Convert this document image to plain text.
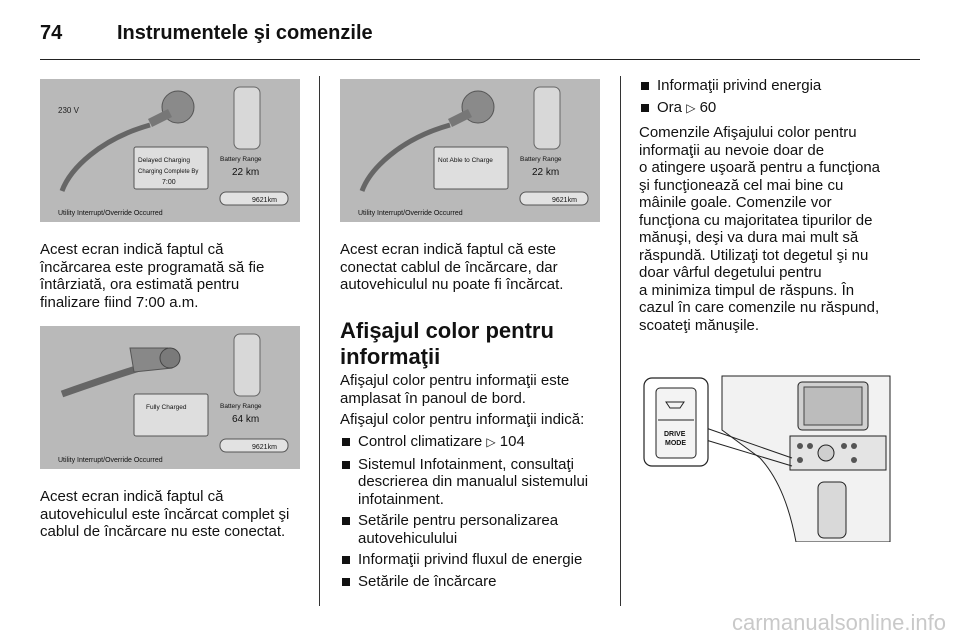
74	Instrumentele şi comenzile
230 V
Delayed Charging
Charging Complete By
7:00
Battery Range
22 km
9621km
Utility Interrupt/Override Occurred
Acest ecran indică faptul că
încărcarea este programată să fie
întârziată, ora estimată pentru
finalizare fiind 7:00 a.m.
Fully Charged	Battery Range
64 km
9621km
Utility Interrupt/Override Occurred
Acest ecran indică faptul că
autovehiculul este încărcat complet şi
cablul de încărcare nu este conectat.
Not Able to Charge	Battery Range
22 km
9621km
Utility Interrupt/Override Occurred
Acest ecran indică faptul că este
conectat cablul de încărcare, dar
autovehiculul nu poate fi încărcat.
Afişajul color pentru
informaţii
Afişajul color pentru informaţii este
amplasat în panoul de bord.
Afişajul color pentru informaţii indică:
Control climatizare ▷ 104
Sistemul Infotainment, consultaţi
descrierea din manualul sistemului
infotainment.
Setările pentru personalizarea
autovehiculului
Informaţii privind fluxul de energie
Setările de încărcare
Informaţii privind energia
Ora ▷ 60
Comenzile Afişajului color pentru
informaţii au nevoie doar de
o atingere uşoară pentru a funcţiona
şi funcţionează cel mai bine cu
mâinile goale. Comenzile vor
funcţiona cu majoritatea tipurilor de
mănuşi, deşi va dura mai mult să
răspundă. Utilizaţi tot degetul şi nu
doar vârful degetului pentru
a minimiza timpul de răspuns. În
cazul în care comenzile nu răspund,
scoateţi mănuşile.
DRIVE
MODE
carmanualsonline.info
